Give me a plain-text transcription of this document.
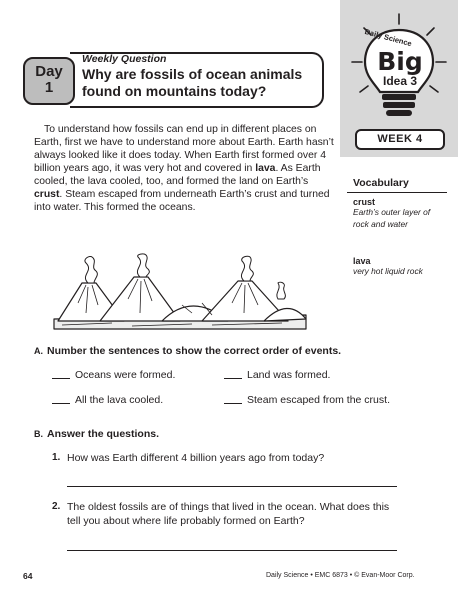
Daily Science
Big
Idea 3
WEEK 4
Day
1
Weekly Question
Why are fossils of ocean animals found on mountains today?
To understand how fossils can end up in different places on Earth, first we have to understand more about Earth. Earth hasn’t always looked like it does today. When Earth first formed over 4 billion years ago, it was very hot and covered in lava. As Earth cooled, the lava cooled, too, and formed the land on Earth’s crust. Steam escaped from underneath Earth’s crust and turned into water. This formed the oceans.
Vocabulary
crust
Earth’s outer layer of rock and water
lava
very hot liquid rock
A. Number the sentences to show the correct order of events.
Oceans were formed.	Land was formed.
All the lava cooled.	Steam escaped from the crust.
B. Answer the questions.
1. How was Earth different 4 billion years ago from today?
2. The oldest fossils are of things that lived in the ocean. What does this tell you about where life probably formed on Earth?
64	Daily Science • EMC 6873 • © Evan-Moor Corp.
